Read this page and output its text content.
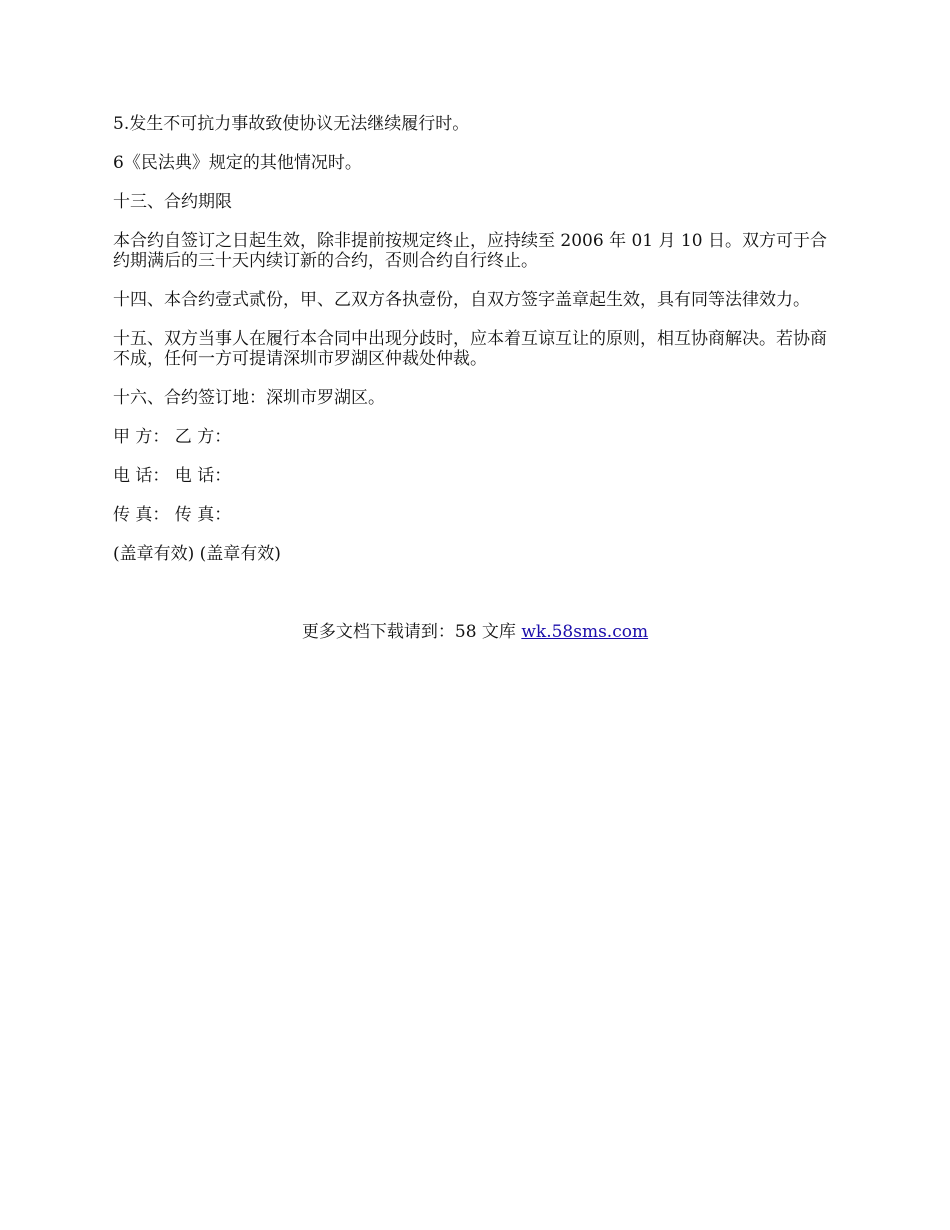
5.发生不可抗力事故致使协议无法继续履行时。

6《民法典》规定的其他情况时。

十三、合约期限

本合约自签订之日起生效，除非提前按规定终止，应持续至 2006 年 01 月 10 日。双方可于合约期满后的三十天内续订新的合约，否则合约自行终止。

十四、本合约壹式贰份，甲、乙双方各执壹份，自双方签字盖章起生效，具有同等法律效力。

十五、双方当事人在履行本合同中出现分歧时，应本着互谅互让的原则，相互协商解决。若协商不成，任何一方可提请深圳市罗湖区仲裁处仲裁。

十六、合约签订地：深圳市罗湖区。

甲 方： 乙 方：

电 话： 电 话：

传 真： 传 真：

(盖章有效) (盖章有效)

更多文档下载请到：58 文库 wk.58sms.com
